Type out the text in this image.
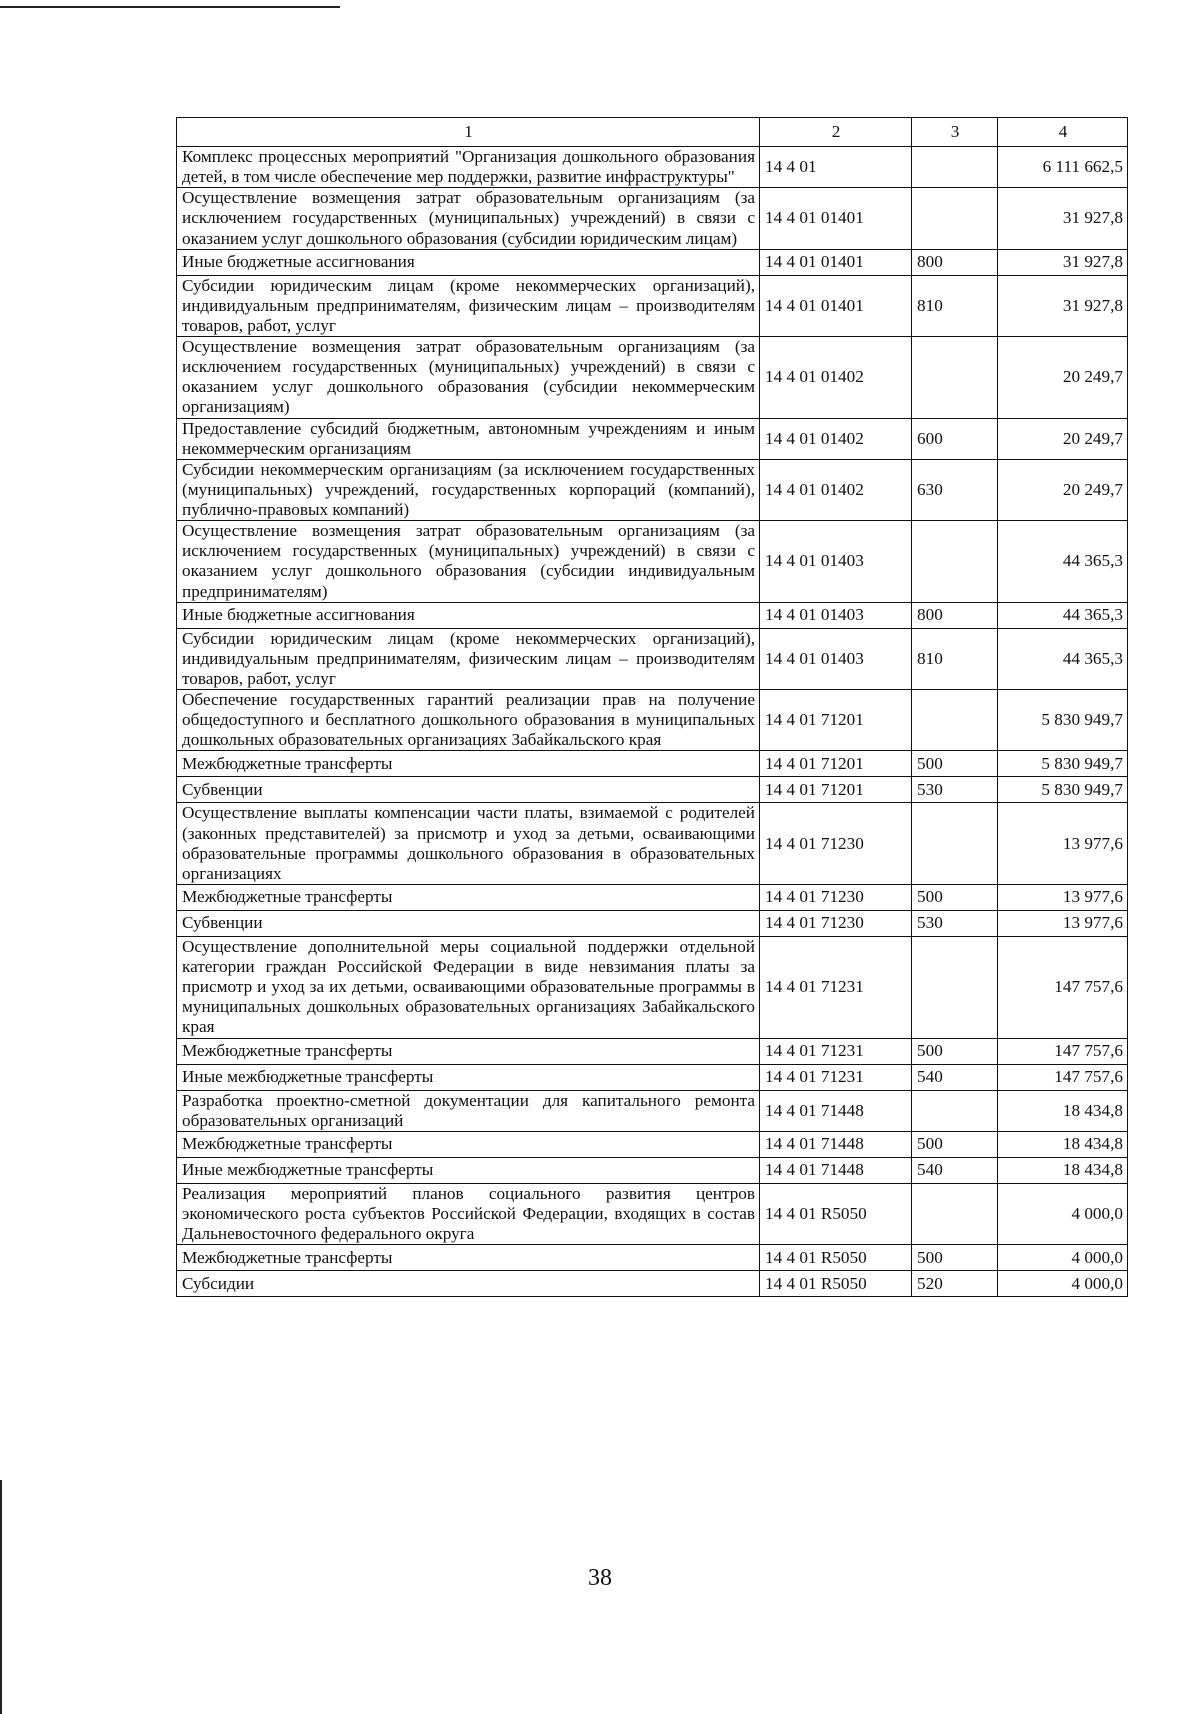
1	2	3	4
Комплекс процессных мероприятий "Организация дошкольного образования детей, в том числе обеспечение мер поддержки, развитие инфраструктуры"	14 4 01		6 111 662,5
Осуществление возмещения затрат образовательным организациям (за исключением государственных (муниципальных) учреждений) в связи с оказанием услуг дошкольного образования (субсидии юридическим лицам)	14 4 01 01401		31 927,8
Иные бюджетные ассигнования	14 4 01 01401	800	31 927,8
Субсидии юридическим лицам (кроме некоммерческих организаций), индивидуальным предпринимателям, физическим лицам – производителям товаров, работ, услуг	14 4 01 01401	810	31 927,8
Осуществление возмещения затрат образовательным организациям (за исключением государственных (муниципальных) учреждений) в связи с оказанием услуг дошкольного образования (субсидии некоммерческим организациям)	14 4 01 01402		20 249,7
Предоставление субсидий бюджетным, автономным учреждениям и иным некоммерческим организациям	14 4 01 01402	600	20 249,7
Субсидии некоммерческим организациям (за исключением государственных (муниципальных) учреждений, государственных корпораций (компаний), публично-правовых компаний)	14 4 01 01402	630	20 249,7
Осуществление возмещения затрат образовательным организациям (за исключением государственных (муниципальных) учреждений) в связи с оказанием услуг дошкольного образования (субсидии индивидуальным предпринимателям)	14 4 01 01403		44 365,3
Иные бюджетные ассигнования	14 4 01 01403	800	44 365,3
Субсидии юридическим лицам (кроме некоммерческих организаций), индивидуальным предпринимателям, физическим лицам – производителям товаров, работ, услуг	14 4 01 01403	810	44 365,3
Обеспечение государственных гарантий реализации прав на получение общедоступного и бесплатного дошкольного образования в муниципальных дошкольных образовательных организациях Забайкальского края	14 4 01 71201		5 830 949,7
Межбюджетные трансферты	14 4 01 71201	500	5 830 949,7
Субвенции	14 4 01 71201	530	5 830 949,7
Осуществление выплаты компенсации части платы, взимаемой с родителей (законных представителей) за присмотр и уход за детьми, осваивающими образовательные программы дошкольного образования в образовательных организациях	14 4 01 71230		13 977,6
Межбюджетные трансферты	14 4 01 71230	500	13 977,6
Субвенции	14 4 01 71230	530	13 977,6
Осуществление дополнительной меры социальной поддержки отдельной категории граждан Российской Федерации в виде невзимания платы за присмотр и уход за их детьми, осваивающими образовательные программы в муниципальных дошкольных образовательных организациях Забайкальского края	14 4 01 71231		147 757,6
Межбюджетные трансферты	14 4 01 71231	500	147 757,6
Иные межбюджетные трансферты	14 4 01 71231	540	147 757,6
Разработка проектно-сметной документации для капитального ремонта образовательных организаций	14 4 01 71448		18 434,8
Межбюджетные трансферты	14 4 01 71448	500	18 434,8
Иные межбюджетные трансферты	14 4 01 71448	540	18 434,8
Реализация мероприятий планов социального развития центров экономического роста субъектов Российской Федерации, входящих в состав Дальневосточного федерального округа	14 4 01 R5050		4 000,0
Межбюджетные трансферты	14 4 01 R5050	500	4 000,0
Субсидии	14 4 01 R5050	520	4 000,0
38
